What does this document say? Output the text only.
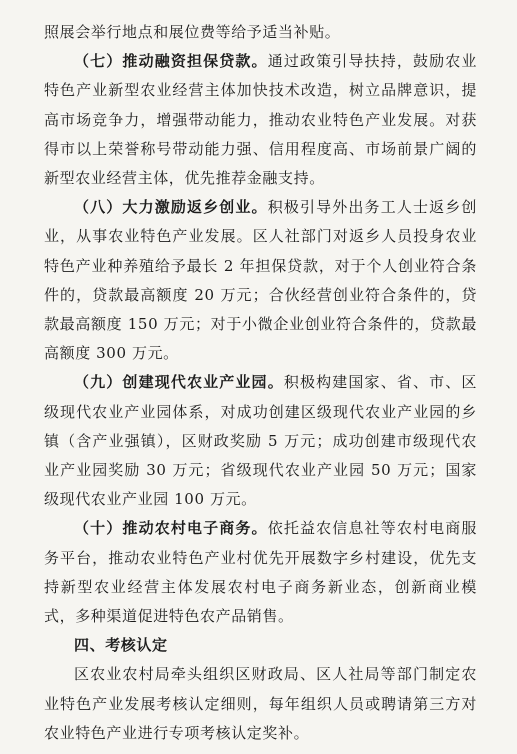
照展会举行地点和展位费等给予适当补贴。

（七）推动融资担保贷款。通过政策引导扶持，鼓励农业特色产业新型农业经营主体加快技术改造，树立品牌意识，提高市场竞争力，增强带动能力，推动农业特色产业发展。对获得市以上荣誉称号带动能力强、信用程度高、市场前景广阔的新型农业经营主体，优先推荐金融支持。

（八）大力激励返乡创业。积极引导外出务工人士返乡创业，从事农业特色产业发展。区人社部门对返乡人员投身农业特色产业种养殖给予最长 2 年担保贷款，对于个人创业符合条件的，贷款最高额度 20 万元；合伙经营创业符合条件的，贷款最高额度 150 万元；对于小微企业创业符合条件的，贷款最高额度 300 万元。

（九）创建现代农业产业园。积极构建国家、省、市、区级现代农业产业园体系，对成功创建区级现代农业产业园的乡镇（含产业强镇），区财政奖励 5 万元；成功创建市级现代农业产业园奖励 30 万元；省级现代农业产业园 50 万元；国家级现代农业产业园 100 万元。

（十）推动农村电子商务。依托益农信息社等农村电商服务平台，推动农业特色产业村优先开展数字乡村建设，优先支持新型农业经营主体发展农村电子商务新业态，创新商业模式，多种渠道促进特色农产品销售。

四、考核认定

区农业农村局牵头组织区财政局、区人社局等部门制定农业特色产业发展考核认定细则，每年组织人员或聘请第三方对农业特色产业进行专项考核认定奖补。
